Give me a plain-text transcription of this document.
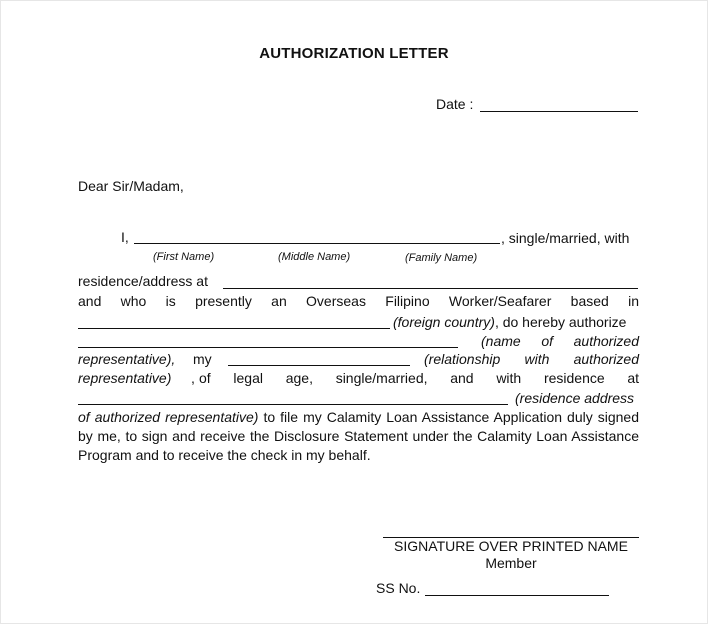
AUTHORIZATION LETTER
Date :
Dear Sir/Madam,
I,	, single/married, with
(First Name)	(Middle Name)	(Family Name)
residence/address at
and who is presently an Overseas Filipino Worker/Seafarer based in
(foreign country), do hereby authorize
(name of authorized
representative), my	(relationship with authorized
representative) of legal age, single/married, and with residence at
,
(residence address
of authorized representative) to file my Calamity Loan Assistance Application duly signed by me, to sign and receive the Disclosure Statement under the Calamity Loan Assistance Program and to receive the check in my behalf.
SIGNATURE OVER PRINTED NAME
Member
SS No.
